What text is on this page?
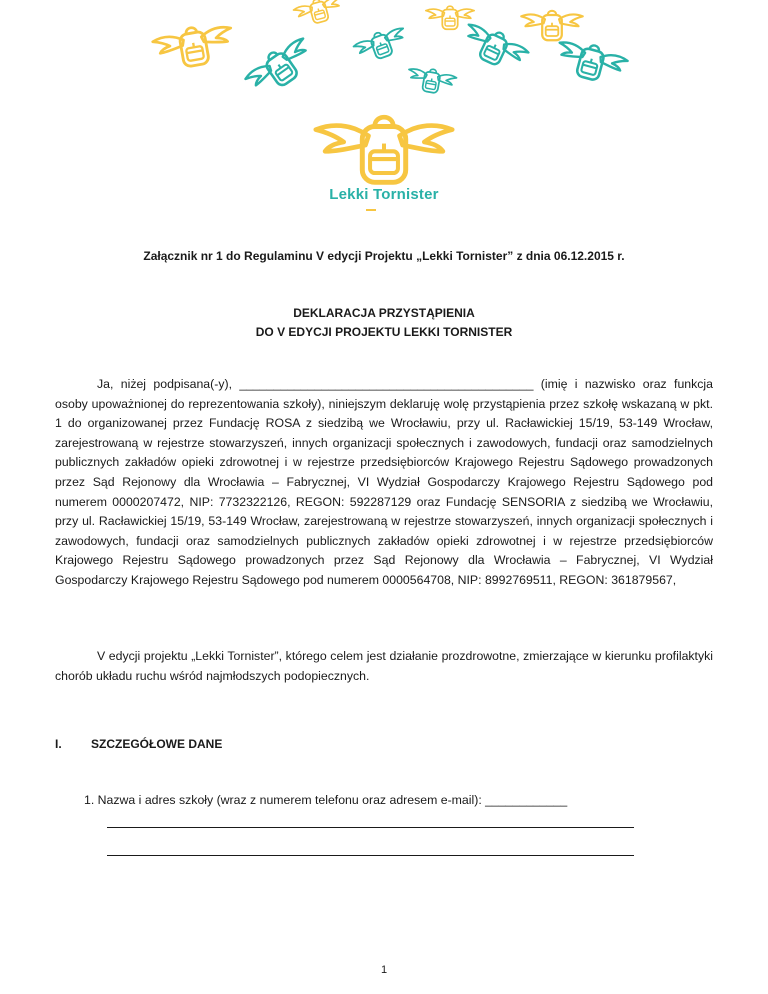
Lekki Tornister
Załącznik nr 1 do Regulaminu V edycji Projektu „Lekki Tornister” z dnia 06.12.2015 r.
DEKLARACJA PRZYSTĄPIENIA
DO V EDYCJI PROJEKTU LEKKI TORNISTER

Ja, niżej podpisana(-y), ___________________________________________ (imię i nazwisko oraz funkcja osoby upoważnionej do reprezentowania szkoły), niniejszym deklaruję wolę przystąpienia przez szkołę wskazaną w pkt. 1 do organizowanej przez Fundację ROSA z siedzibą we Wrocławiu, przy ul. Racławickiej 15/19, 53-149 Wrocław, zarejestrowaną w rejestrze stowarzyszeń, innych organizacji społecznych i zawodowych, fundacji oraz samodzielnych publicznych zakładów opieki zdrowotnej i w rejestrze przedsiębiorców Krajowego Rejestru Sądowego prowadzonych przez Sąd Rejonowy dla Wrocławia – Fabrycznej, VI Wydział Gospodarczy Krajowego Rejestru Sądowego pod numerem 0000207472, NIP: 7732322126, REGON: 592287129 oraz Fundację SENSORIA z siedzibą we Wrocławiu, przy ul. Racławickiej 15/19, 53-149 Wrocław, zarejestrowaną w rejestrze stowarzyszeń, innych organizacji społecznych i zawodowych, fundacji oraz samodzielnych publicznych zakładów opieki zdrowotnej i w rejestrze przedsiębiorców Krajowego Rejestru Sądowego prowadzonych przez Sąd Rejonowy dla Wrocławia – Fabrycznej, VI Wydział Gospodarczy Krajowego Rejestru Sądowego pod numerem 0000564708, NIP: 8992769511, REGON: 361879567,

V edycji projektu „Lekki Tornister”, którego celem jest działanie prozdrowotne, zmierzające w kierunku profilaktyki chorób układu ruchu wśród najmłodszych podopiecznych.

I. SZCZEGÓŁOWE DANE
1. Nazwa i adres szkoły (wraz z numerem telefonu oraz adresem e-mail): ____________
1
